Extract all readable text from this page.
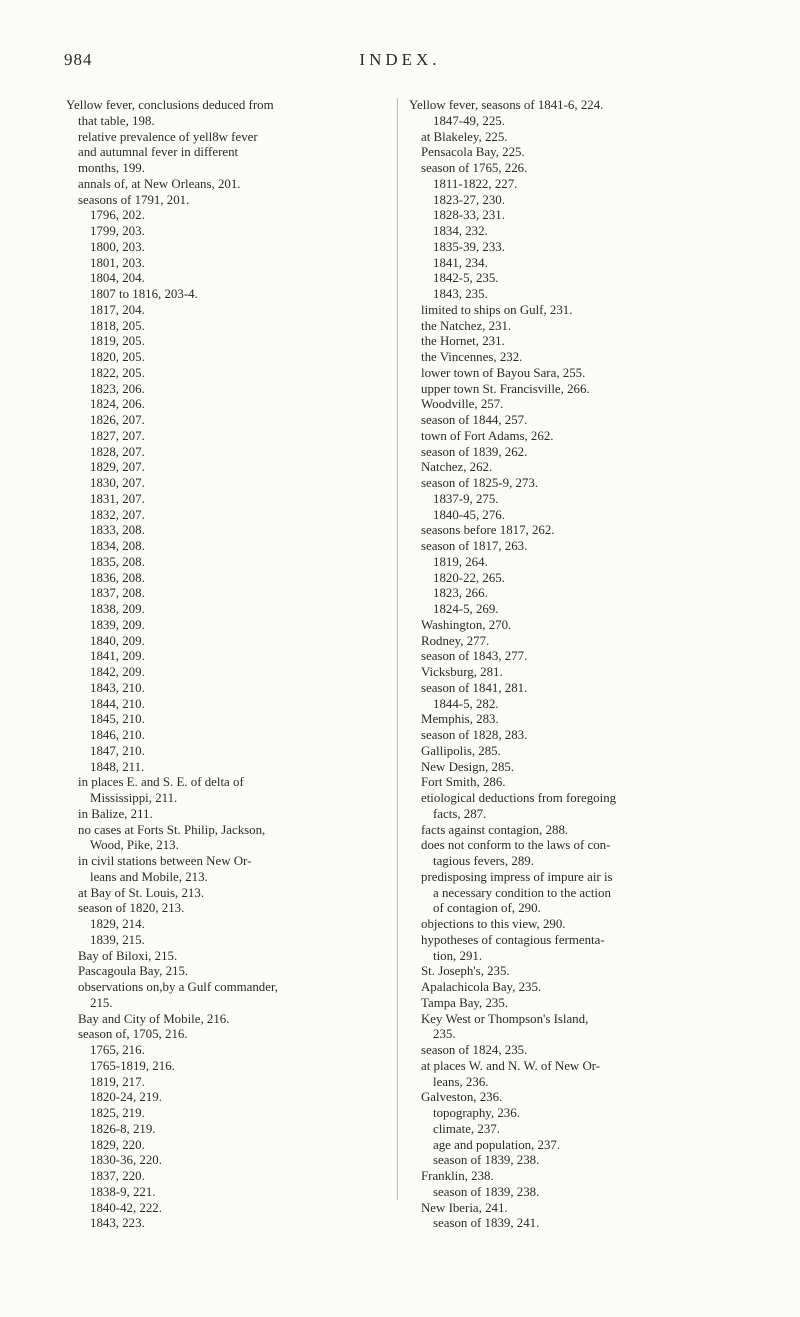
984	INDEX.
Yellow fever, conclusions deduced from
that table, 198.
relative prevalence of yell8w fever
and autumnal fever in different
months, 199.
annals of, at New Orleans, 201.
seasons of 1791, 201.
1796, 202.
1799, 203.
1800, 203.
1801, 203.
1804, 204.
1807 to 1816, 203-4.
1817, 204.
1818, 205.
1819, 205.
1820, 205.
1822, 205.
1823, 206.
1824, 206.
1826, 207.
1827, 207.
1828, 207.
1829, 207.
1830, 207.
1831, 207.
1832, 207.
1833, 208.
1834, 208.
1835, 208.
1836, 208.
1837, 208.
1838, 209.
1839, 209.
1840, 209.
1841, 209.
1842, 209.
1843, 210.
1844, 210.
1845, 210.
1846, 210.
1847, 210.
1848, 211.
in places E. and S. E. of delta of
Mississippi, 211.
in Balize, 211.
no cases at Forts St. Philip, Jackson,
Wood, Pike, 213.
in civil stations between New Or-
leans and Mobile, 213.
at Bay of St. Louis, 213.
season of 1820, 213.
1829, 214.
1839, 215.
Bay of Biloxi, 215.
Pascagoula Bay, 215.
observations on,by a Gulf commander,
215.
Bay and City of Mobile, 216.
season of, 1705, 216.
1765, 216.
1765-1819, 216.
1819, 217.
1820-24, 219.
1825, 219.
1826-8, 219.
1829, 220.
1830-36, 220.
1837, 220.
1838-9, 221.
1840-42, 222.
1843, 223.
Yellow fever, seasons of 1841-6, 224.
1847-49, 225.
at Blakeley, 225.
Pensacola Bay, 225.
season of 1765, 226.
1811-1822, 227.
1823-27, 230.
1828-33, 231.
1834, 232.
1835-39, 233.
1841, 234.
1842-5, 235.
1843, 235.
limited to ships on Gulf, 231.
the Natchez, 231.
the Hornet, 231.
the Vincennes, 232.
lower town of Bayou Sara, 255.
upper town St. Francisville, 266.
Woodville, 257.
season of 1844, 257.
town of Fort Adams, 262.
season of 1839, 262.
Natchez, 262.
season of 1825-9, 273.
1837-9, 275.
1840-45, 276.
seasons before 1817, 262.
season of 1817, 263.
1819, 264.
1820-22, 265.
1823, 266.
1824-5, 269.
Washington, 270.
Rodney, 277.
season of 1843, 277.
Vicksburg, 281.
season of 1841, 281.
1844-5, 282.
Memphis, 283.
season of 1828, 283.
Gallipolis, 285.
New Design, 285.
Fort Smith, 286.
etiological deductions from foregoing
facts, 287.
facts against contagion, 288.
does not conform to the laws of con-
tagious fevers, 289.
predisposing impress of impure air is
a necessary condition to the action
of contagion of, 290.
objections to this view, 290.
hypotheses of contagious fermenta-
tion, 291.
St. Joseph's, 235.
Apalachicola Bay, 235.
Tampa Bay, 235.
Key West or Thompson's Island,
235.
season of 1824, 235.
at places W. and N. W. of New Or-
leans, 236.
Galveston, 236.
topography, 236.
climate, 237.
age and population, 237.
season of 1839, 238.
Franklin, 238.
season of 1839, 238.
New Iberia, 241.
season of 1839, 241.
